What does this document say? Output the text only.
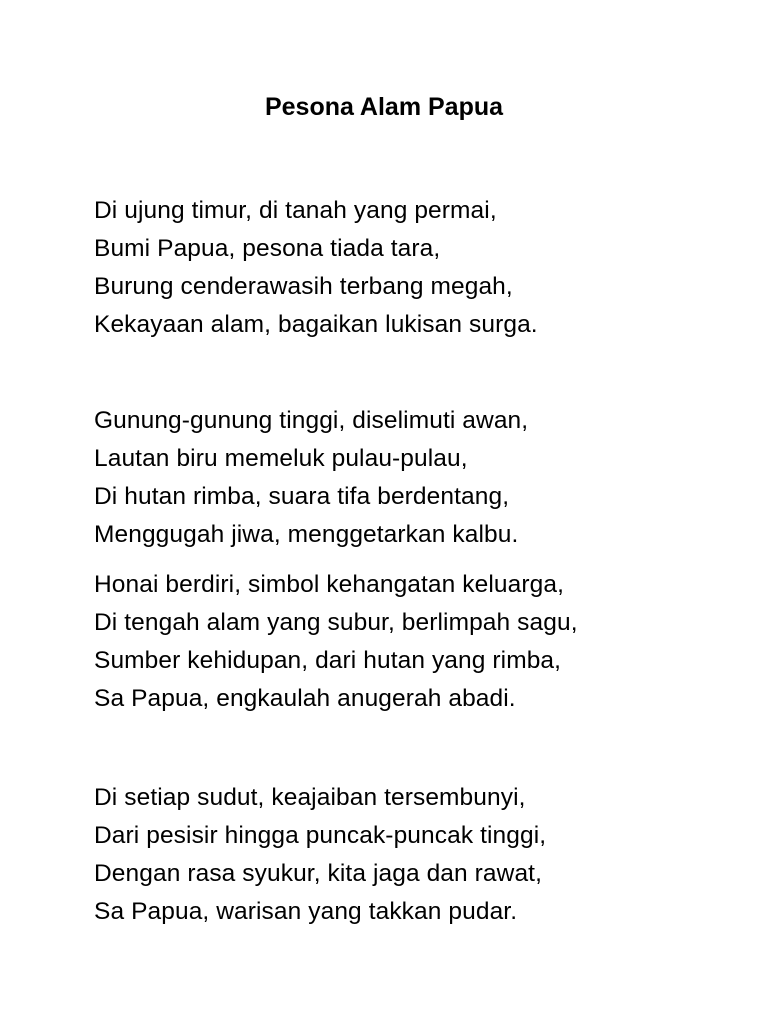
Pesona Alam Papua
Di ujung timur, di tanah yang permai,
Bumi Papua, pesona tiada tara,
Burung cenderawasih terbang megah,
Kekayaan alam, bagaikan lukisan surga.
Gunung-gunung tinggi, diselimuti awan,
Lautan biru memeluk pulau-pulau,
Di hutan rimba, suara tifa berdentang,
Menggugah jiwa, menggetarkan kalbu.
Honai berdiri, simbol kehangatan keluarga,
Di tengah alam yang subur, berlimpah sagu,
Sumber kehidupan, dari hutan yang rimba,
Sa Papua, engkaulah anugerah abadi.
Di setiap sudut, keajaiban tersembunyi,
Dari pesisir hingga puncak-puncak tinggi,
Dengan rasa syukur, kita jaga dan rawat,
Sa Papua, warisan yang takkan pudar.
